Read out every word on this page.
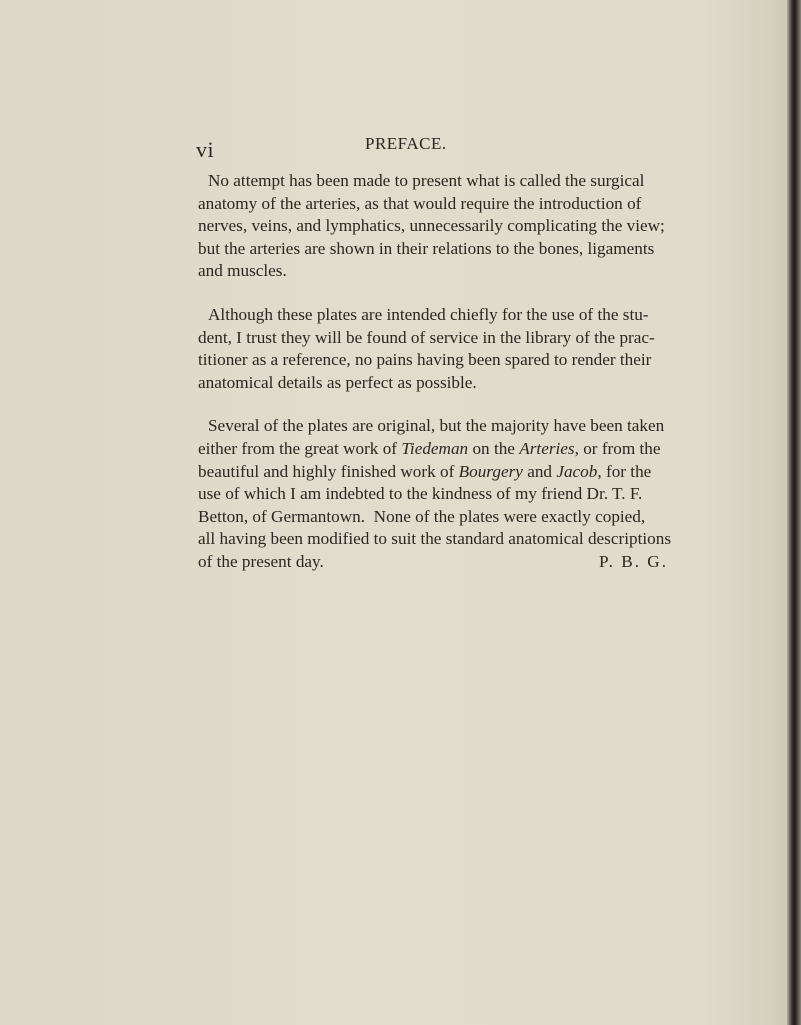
vi	PREFACE.
No attempt has been made to present what is called the surgical
anatomy of the arteries, as that would require the introduction of
nerves, veins, and lymphatics, unnecessarily complicating the view;
but the arteries are shown in their relations to the bones, ligaments
and muscles.
Although these plates are intended chiefly for the use of the stu-
dent, I trust they will be found of service in the library of the prac-
titioner as a reference, no pains having been spared to render their
anatomical details as perfect as possible.
Several of the plates are original, but the majority have been taken
either from the great work of Tiedeman on the Arteries , or from the
beautiful and highly finished work of Bourgery and Jacob , for the
use of which I am indebted to the kindness of my friend Dr. T. F.
Betton, of Germantown.  None of the plates were exactly copied,
all having been modified to suit the standard anatomical descriptions
of the present day.	P. B. G.
